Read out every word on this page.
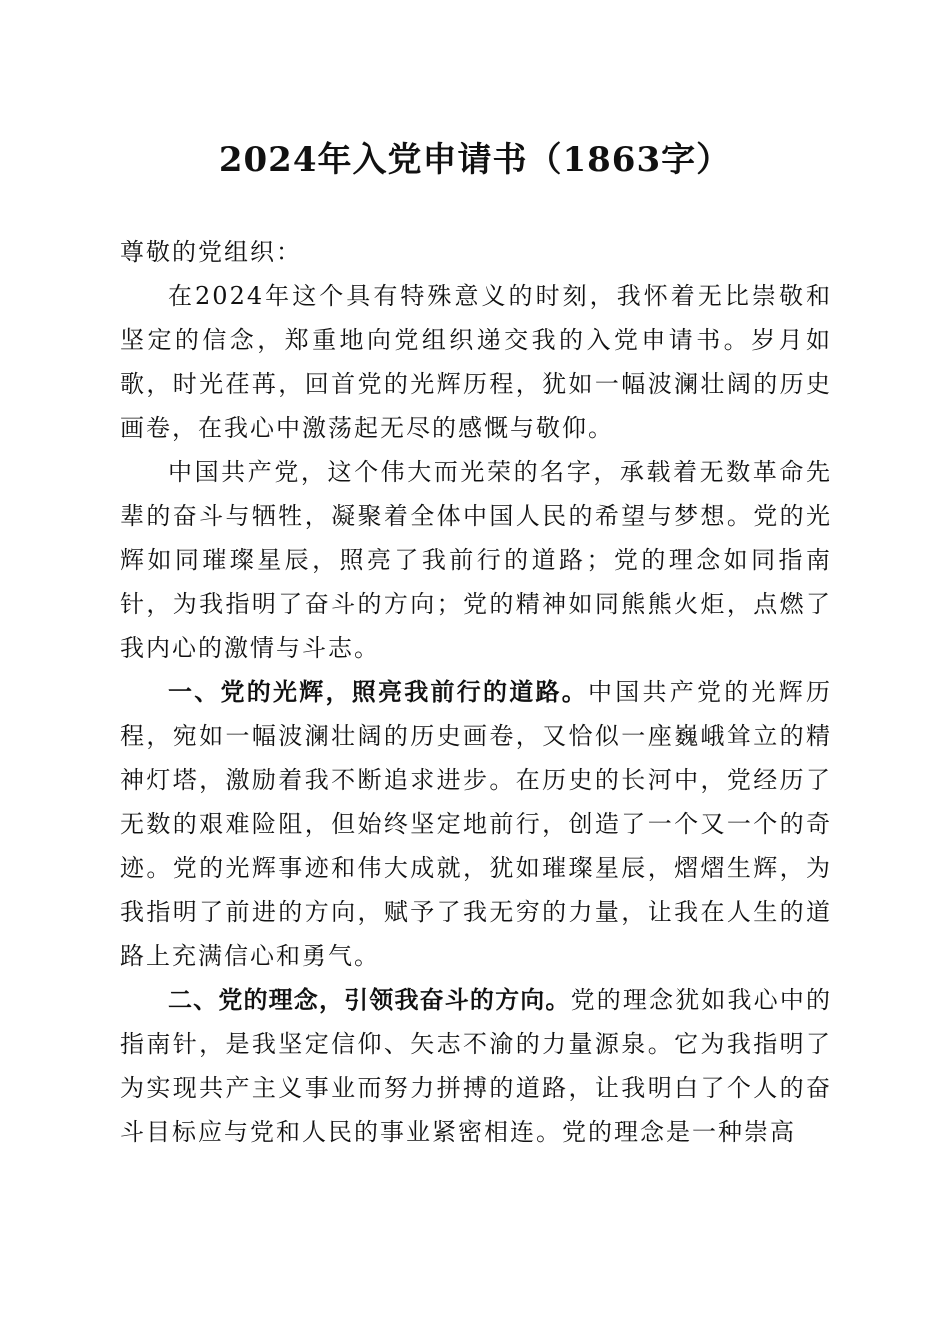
2024年入党申请书（1863字）

尊敬的党组织：

在2024年这个具有特殊意义的时刻，我怀着无比崇敬和坚定的信念，郑重地向党组织递交我的入党申请书。岁月如歌，时光荏苒，回首党的光辉历程，犹如一幅波澜壮阔的历史画卷，在我心中激荡起无尽的感慨与敬仰。

中国共产党，这个伟大而光荣的名字，承载着无数革命先辈的奋斗与牺牲，凝聚着全体中国人民的希望与梦想。党的光辉如同璀璨星辰，照亮了我前行的道路；党的理念如同指南针，为我指明了奋斗的方向；党的精神如同熊熊火炬，点燃了我内心的激情与斗志。

一、党的光辉，照亮我前行的道路。中国共产党的光辉历程，宛如一幅波澜壮阔的历史画卷，又恰似一座巍峨耸立的精神灯塔，激励着我不断追求进步。在历史的长河中，党经历了无数的艰难险阻，但始终坚定地前行，创造了一个又一个的奇迹。党的光辉事迹和伟大成就，犹如璀璨星辰，熠熠生辉，为我指明了前进的方向，赋予了我无穷的力量，让我在人生的道路上充满信心和勇气。

二、党的理念，引领我奋斗的方向。党的理念犹如我心中的指南针，是我坚定信仰、矢志不渝的力量源泉。它为我指明了为实现共产主义事业而努力拼搏的道路，让我明白了个人的奋斗目标应与党和人民的事业紧密相连。党的理念是一种崇高
